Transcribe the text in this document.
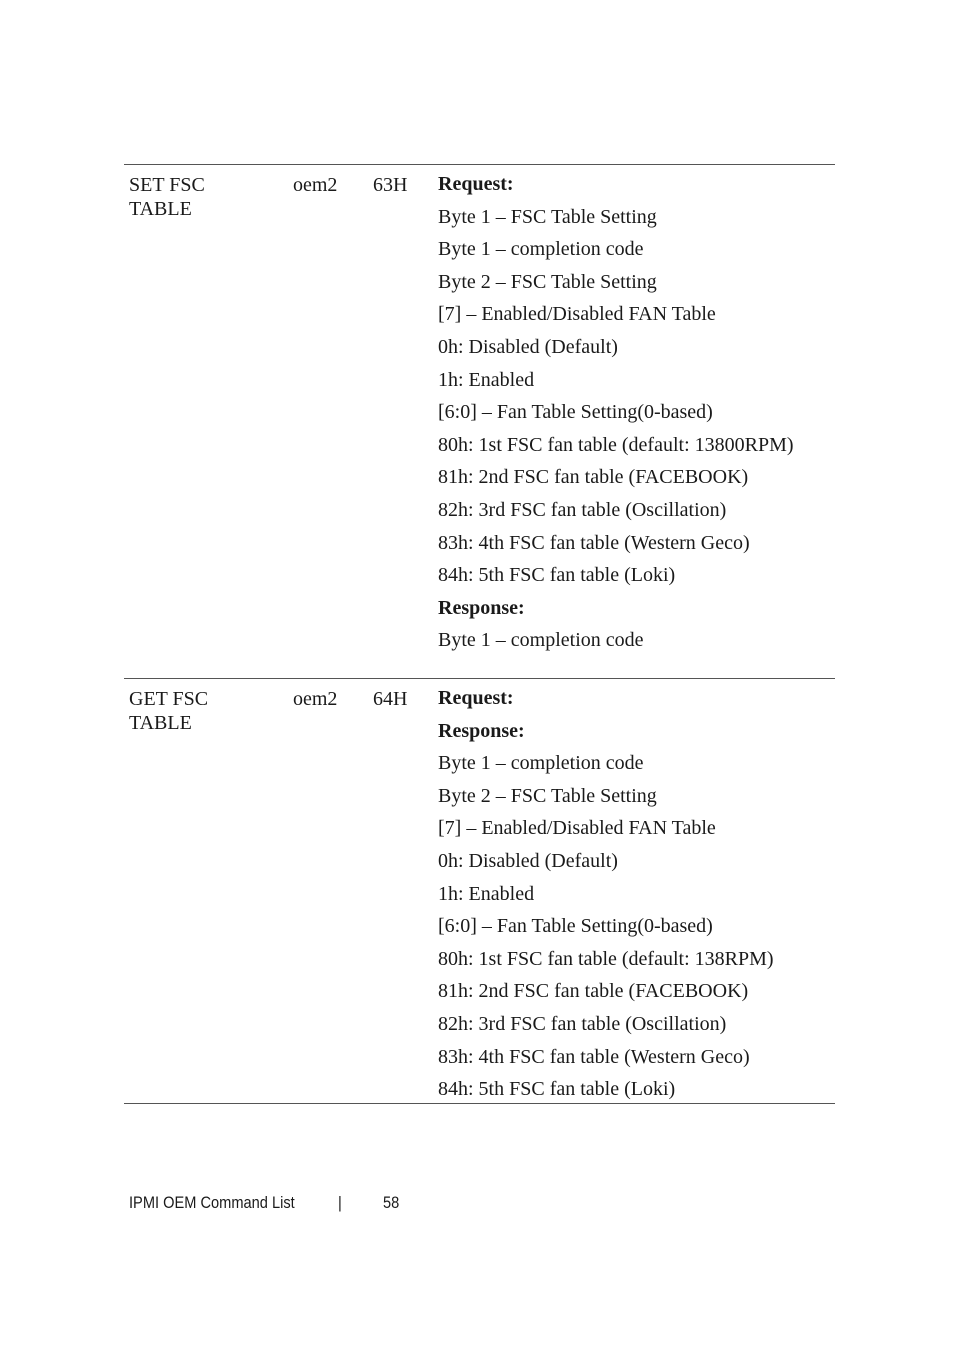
SET FSC
TABLE
oem2 63H Request:
Byte 1 – FSC Table Setting
Byte 1 – completion code
Byte 2 – FSC Table Setting
[7] – Enabled/Disabled FAN Table
0h: Disabled (Default)
1h: Enabled
[6:0] – Fan Table Setting(0-based)
80h: 1st FSC fan table (default: 13800RPM)
81h: 2nd FSC fan table (FACEBOOK)
82h: 3rd FSC fan table (Oscillation)
83h: 4th FSC fan table (Western Geco)
84h: 5th FSC fan table (Loki)
Response:
Byte 1 – completion code
GET FSC
TABLE
oem2 64H Request:
Response:
Byte 1 – completion code
Byte 2 – FSC Table Setting
[7] – Enabled/Disabled FAN Table
0h: Disabled (Default)
1h: Enabled
[6:0] – Fan Table Setting(0-based)
80h: 1st FSC fan table (default: 138RPM)
81h: 2nd FSC fan table (FACEBOOK)
82h: 3rd FSC fan table (Oscillation)
83h: 4th FSC fan table (Western Geco)
84h: 5th FSC fan table (Loki)
IPMI OEM Command List	| 58
